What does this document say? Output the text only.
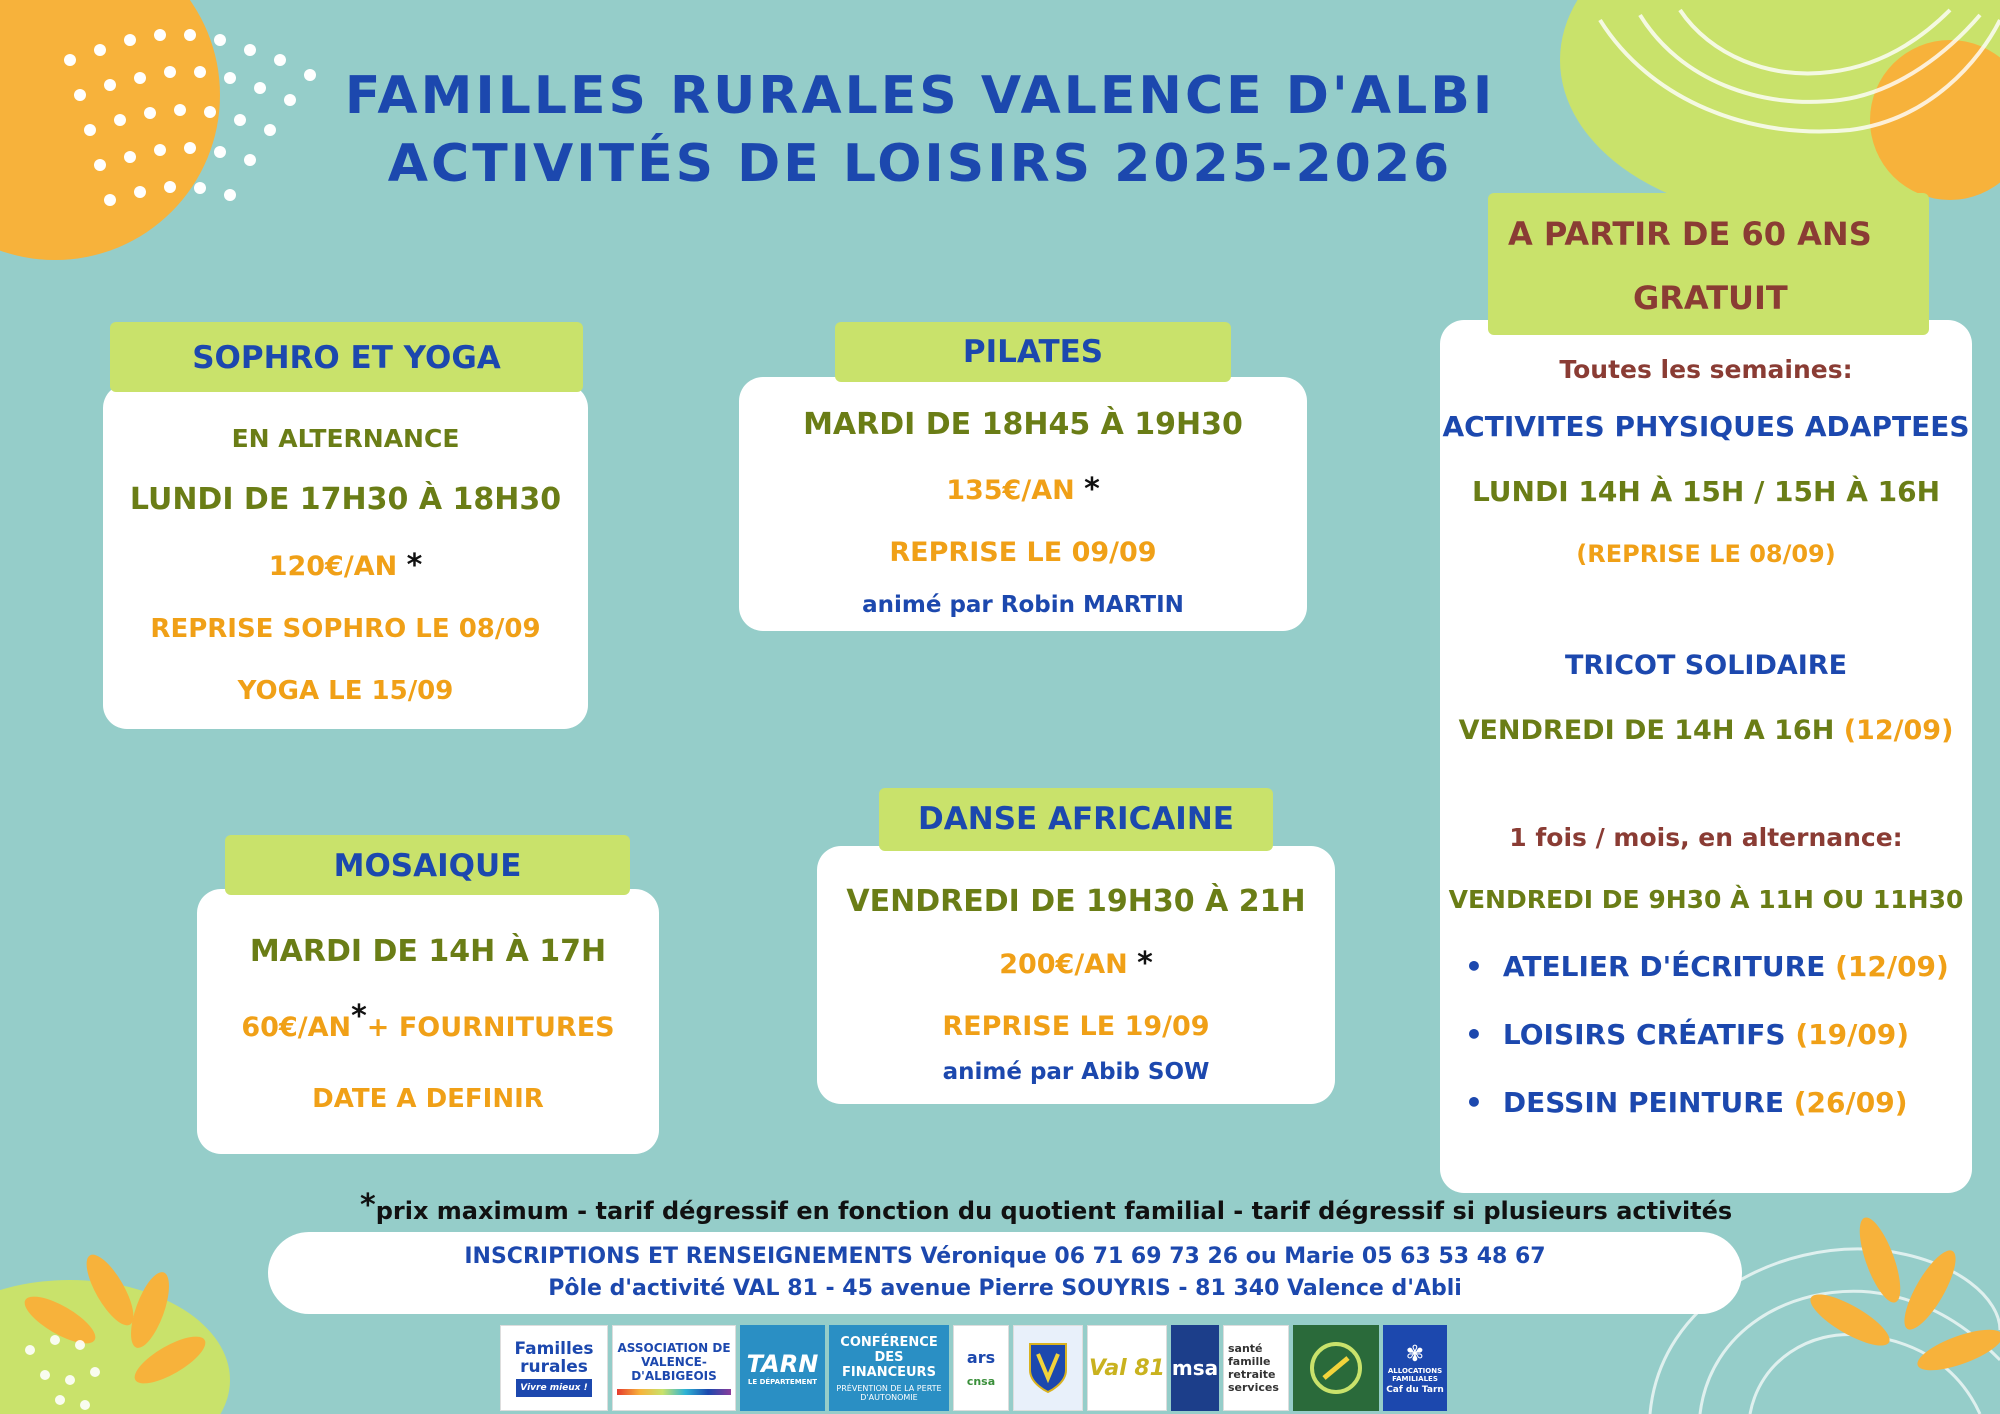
FAMILLES RURALES VALENCE D'ALBI
ACTIVITÉS DE LOISIRS 2025-2026
EN ALTERNANCE
LUNDI DE 17H30 À 18H30
120€/AN *
REPRISE SOPHRO LE 08/09
YOGA LE 15/09
SOPHRO ET YOGA
MARDI DE 18H45 À 19H30
135€/AN *
REPRISE LE 09/09
animé par Robin MARTIN
PILATES
MARDI DE 14H À 17H
60€/AN*+ FOURNITURES
DATE A DEFINIR
MOSAIQUE
VENDREDI DE 19H30 À 21H
200€/AN *
REPRISE LE 19/09
animé par Abib SOW
DANSE AFRICAINE
Toutes les semaines:
ACTIVITES PHYSIQUES ADAPTEES
LUNDI 14H À 15H / 15H À 16H
(REPRISE LE 08/09)
TRICOT SOLIDAIRE
VENDREDI DE 14H A 16H (12/09)
1 fois / mois, en alternance:
VENDREDI DE 9H30 À 11H OU 11H30
• ATELIER D'ÉCRITURE (12/09)
• LOISIRS CRÉATIFS (19/09)
• DESSIN PEINTURE (26/09)
A PARTIR DE 60 ANS
GRATUIT
*prix maximum - tarif dégressif en fonction du quotient familial - tarif dégressif si plusieurs activités
INSCRIPTIONS ET RENSEIGNEMENTS Véronique 06 71 69 73 26 ou Marie 05 63 53 48 67
Pôle d'activité VAL 81 - 45 avenue Pierre SOUYRIS - 81 340 Valence d'Abli
Familles rurales
Vivre mieux !
ASSOCIATION DE VALENCE-D'ALBIGEOIS	TARN
LE DÉPARTEMENT
CONFÉRENCE DES FINANCEURS
PRÉVENTION DE LA PERTE D'AUTONOMIE
ars
cnsa
Val 81 msa
santé famille retraite services
✾
ALLOCATIONS FAMILIALES
Caf du Tarn
